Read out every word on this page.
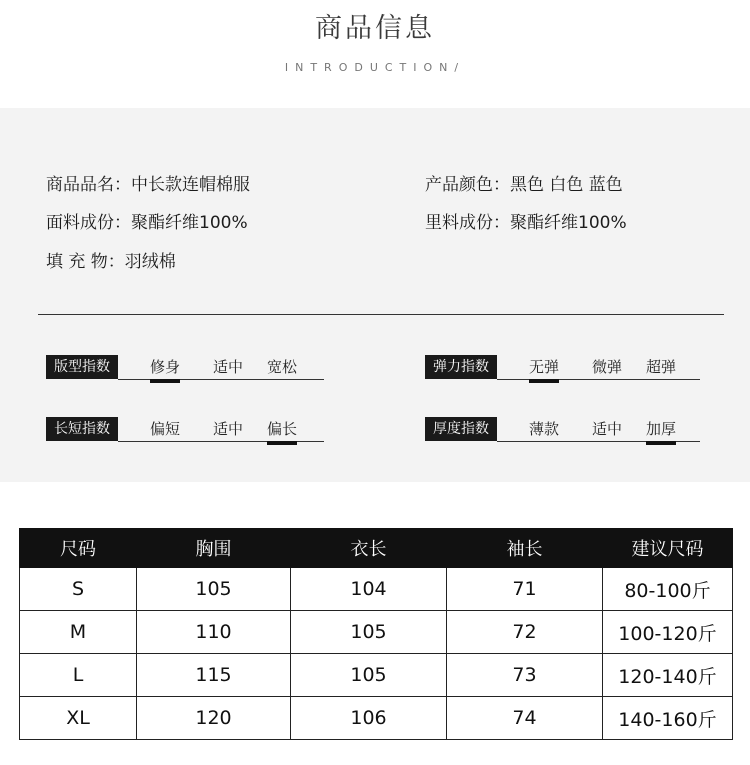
商品信息
INTRODUCTION/
商品品名：中长款连帽棉服	产品颜色：黑色 白色 蓝色
面料成份：聚酯纤维100%	里料成份：聚酯纤维100%
填 充 物：羽绒棉
版型指数	修身 适中 宽松	弹力指数	无弹 微弹 超弹
长短指数	偏短 适中 偏长	厚度指数	薄款 适中 加厚
尺码	胸围	衣长	袖长	建议尺码
S	105	104	71	80-100斤
M	110	105	72	100-120斤
L	115	105	73	120-140斤
XL	120	106	74	140-160斤
